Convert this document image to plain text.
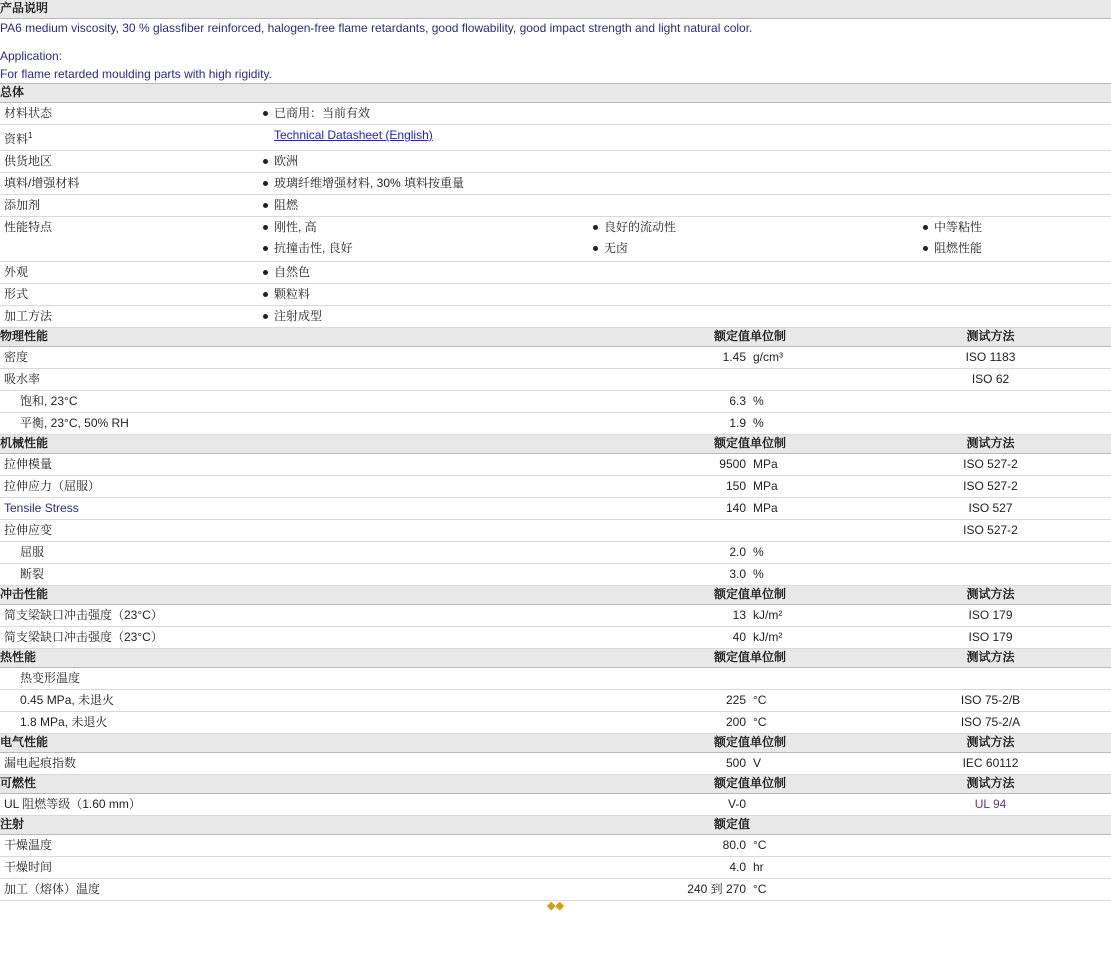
产品说明			

PA6 medium viscosity, 30 % glassfiber reinforced, halogen-free flame retardants, good flowability, good impact strength and light natural color.
Application:
For flame retarded moulding parts with high rigidity.			

总体			
材料状态	已商用：当前有效

资料$^1$	Technical Datasheet (English)		

供货地区	欧洲

填料/增强材料	玻璃纤维增强材料, 30% 填料按重量

添加剂	阻燃

性能特点	刚性, 高
抗撞击性, 良好
良好的流动性
无卤
中等粘性
阻燃性能

外观	自然色

形式	颗粒料

加工方法	注射成型

物理性能	额定值	单位制	测试方法
密度	1.45	g/cm³	ISO 1183
吸水率			ISO 62
饱和, 23°C	6.3	%	
平衡, 23°C, 50% RH	1.9	%	
机械性能	额定值	单位制	测试方法
拉伸模量	9500	MPa	ISO 527-2
拉伸应力（屈服）	150	MPa	ISO 527-2
Tensile Stress	140	MPa	ISO 527
拉伸应变			ISO 527-2
屈服	2.0	%	
断裂	3.0	%	
冲击性能	额定值	单位制	测试方法
简支梁缺口冲击强度（23°C）	13	kJ/m²	ISO 179
简支梁缺口冲击强度（23°C）	40	kJ/m²	ISO 179
热性能	额定值	单位制	测试方法
热变形温度			
0.45 MPa, 未退火	225	°C	ISO 75-2/B
1.8 MPa, 未退火	200	°C	ISO 75-2/A
电气性能	额定值	单位制	测试方法
漏电起痕指数	500	V	IEC 60112
可燃性	额定值	单位制	测试方法
UL 阻燃等级（1.60 mm）	V-0		UL 94
注射	额定值		
干燥温度	80.0	°C	
干燥时间	4.0	hr	
加工（熔体）温度	240 到 270	°C	
◆◆
